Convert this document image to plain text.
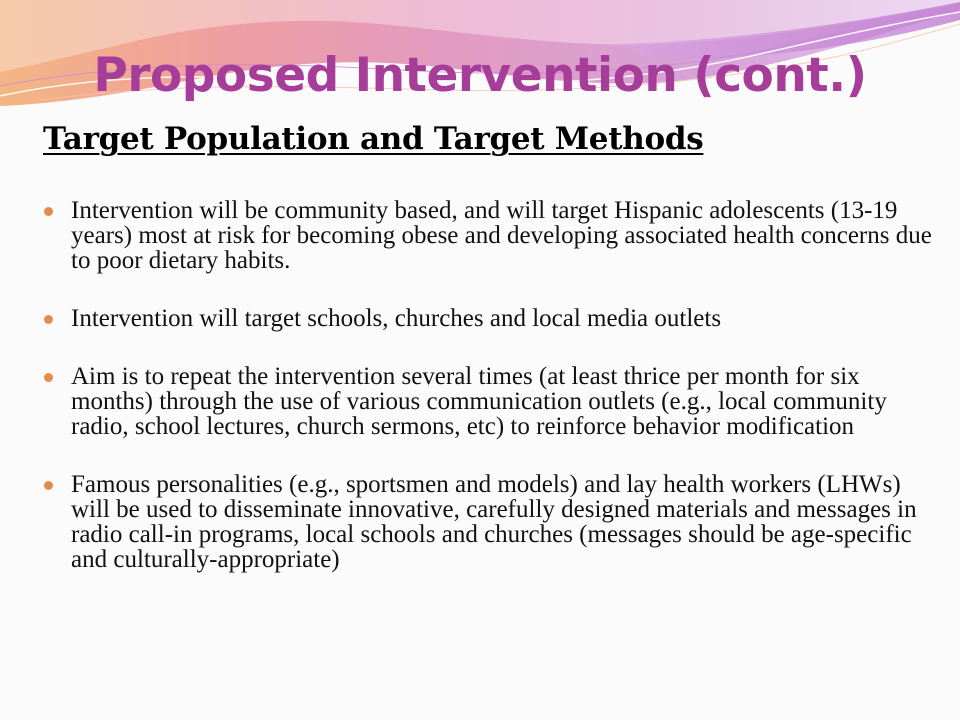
Proposed Intervention (cont.)
Target Population and Target Methods
Intervention will be community based, and will target Hispanic adolescents (13-19 years) most at risk for becoming obese and developing associated health concerns due to poor dietary habits.
Intervention will target schools, churches and local media outlets
Aim is to repeat the intervention several times (at least thrice per month for six months) through the use of various communication outlets (e.g., local community radio, school lectures, church sermons, etc) to reinforce behavior modification
Famous personalities (e.g., sportsmen and models) and lay health workers (LHWs) will be used to disseminate innovative, carefully designed materials and messages in radio call-in programs, local schools and churches (messages should be age-specific and culturally-appropriate)
